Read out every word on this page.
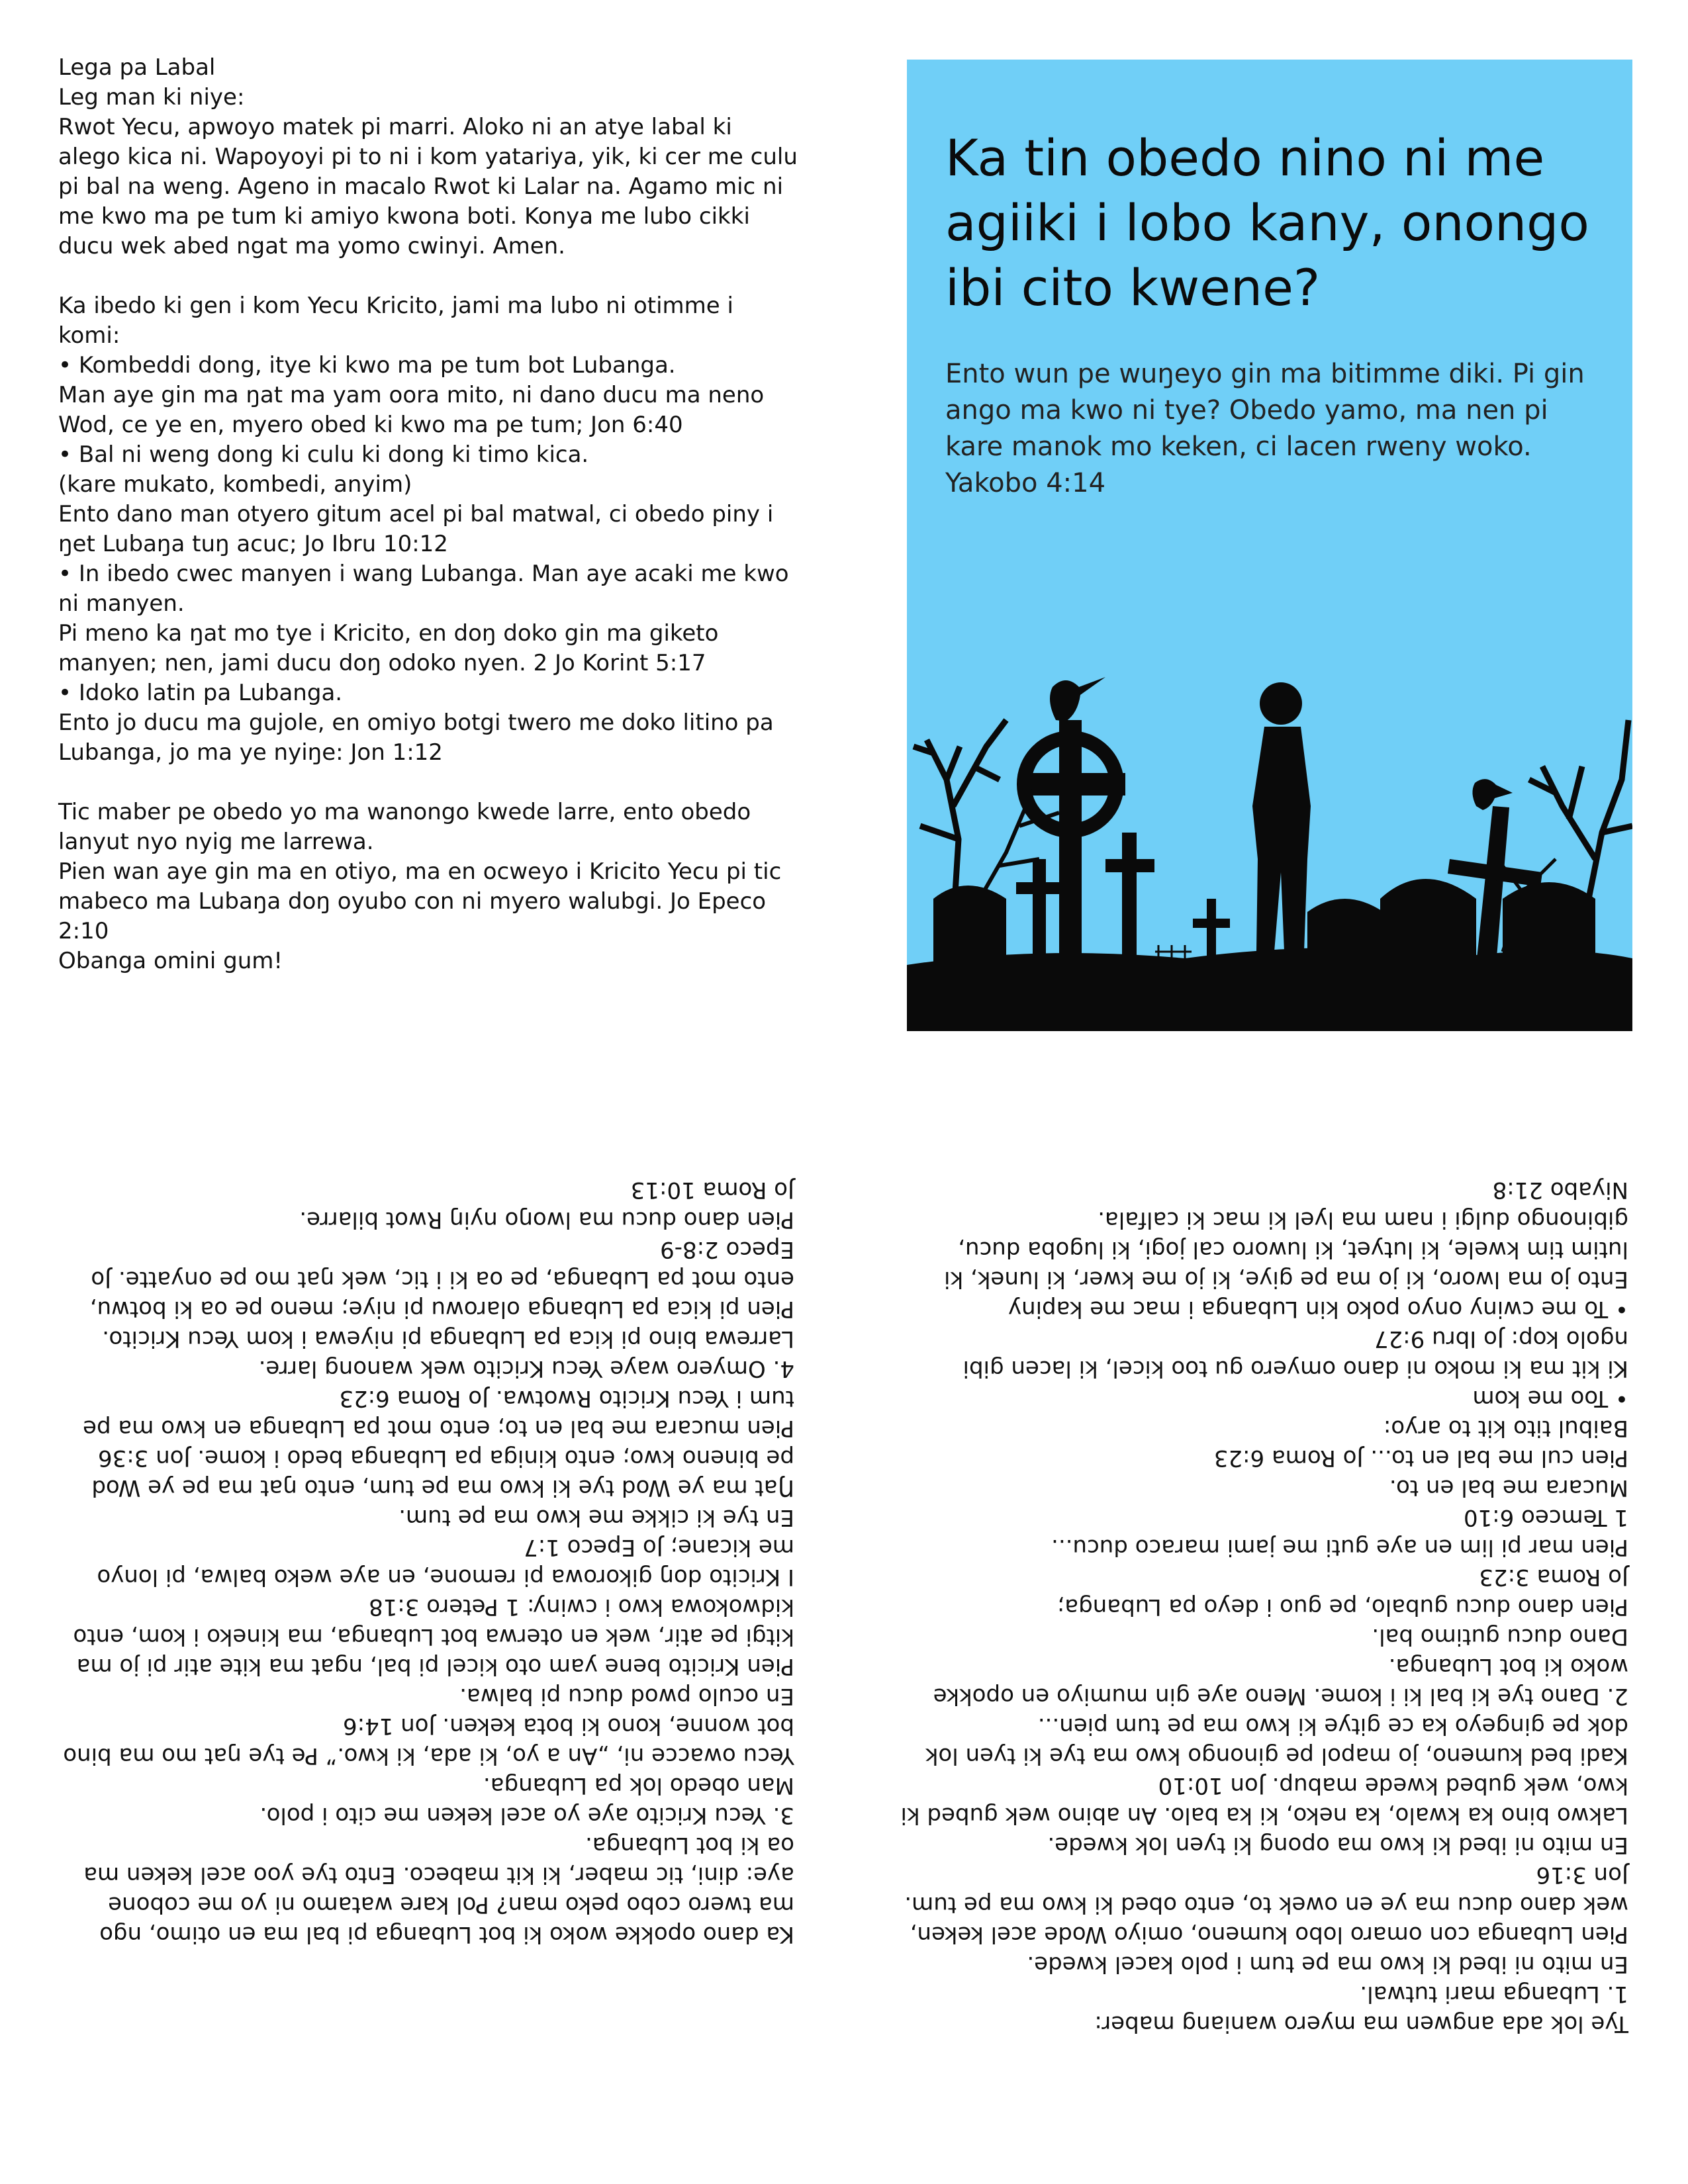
Lega pa Labal

Leg man ki niye:

Rwot Yecu, apwoyo matek pi marri. Aloko ni an atye labal ki alego kica ni. Wapoyoyi pi to ni i kom yatariya, yik, ki cer me culu pi bal na weng. Ageno in macalo Rwot ki Lalar na. Agamo mic ni me kwo ma pe tum ki amiyo kwona boti. Konya me lubo cikki ducu wek abed ngat ma yomo cwinyi. Amen.

Ka ibedo ki gen i kom Yecu Kricito, jami ma lubo ni otimme i komi:

• Kombeddi dong, itye ki kwo ma pe tum bot Lubanga.

Man aye gin ma ŋat ma yam oora mito, ni dano ducu ma neno Wod, ce ye en, myero obed ki kwo ma pe tum; Jon 6:40

• Bal ni weng dong ki culu ki dong ki timo kica.

(kare mukato, kombedi, anyim)

Ento dano man otyero gitum acel pi bal matwal, ci obedo piny i ŋet Lubaŋa tuŋ acuc; Jo Ibru 10:12

• In ibedo cwec manyen i wang Lubanga. Man aye acaki me kwo ni manyen.

Pi meno ka ŋat mo tye i Kricito, en doŋ doko gin ma giketo manyen; nen, jami ducu doŋ odoko nyen. 2 Jo Korint 5:17

• Idoko latin pa Lubanga.

Ento jo ducu ma gujole, en omiyo botgi twero me doko litino pa Lubanga, jo ma ye nyiŋe: Jon 1:12

Tic maber pe obedo yo ma wanongo kwede larre, ento obedo lanyut nyo nyig me larrewa.

Pien wan aye gin ma en otiyo, ma en ocweyo i Kricito Yecu pi tic mabeco ma Lubaŋa doŋ oyubo con ni myero walubgi. Jo Epeco 2:10

Obanga omini gum!

Ka tin obedo nino ni me agiiki i lobo kany, onongo ibi cito kwene?
Ento wun pe wuŋeyo gin ma bitimme diki. Pi gin ango ma kwo ni tye? Obedo yamo, ma nen pi kare manok mo keken, ci lacen rweny woko. Yakobo 4:14

Ka dano opokke woko ki bot Lubanga pi bal ma en otimo, ngo ma twero cobo peko man? Pol kare watamo ni yo me cobone aye: dini, tic maber, ki kit mabeco. Ento tye yoo acel keken ma oa ki bot Lubanga.

3. Yecu Kricito aye yo acel keken me cito i polo.

Man obedo lok pa Lubanga.

Yecu owacce ni, „An a yo, ki ada, ki kwo.” Pe tye ŋat mo ma bino bot wonne, kono ki bota keken. Jon 14:6

En oculo pwod ducu pi balwa.

Pien Kricito bene yam oto kicel pi bal, ngat ma kite atir pi jo ma kitgi pe atir, wek en oterwa bot Lubanga, ma kineko i kom, ento kidwokowa kwo i cwiny: 1 Petero 3:18

I Kricito doŋ gikorowa pi remone, en aye weko balwa, pi lonyo me kicane; Jo Epeco 1:7

En tye ki cikke me kwo ma pe tum.

Ŋat ma ye Wod tye ki kwo ma pe tum, ento ŋat ma pe ye Wod pe bineno kwo; ento kiniga pa Lubanga bedo i kome. Jon 3:36

Pien mucara me bal en to; ento mot pa Lubanga en kwo ma pe tum i Yecu Kricito Rwotwa. Jo Roma 6:23

4. Omyero waye Yecu Kricito wek wanong larre.

Larrewa bino pi kica pa Lubanga pi niyewa i kom Yecu Kricito.

Pien pi kica pa Lubanga olarowu pi niye; meno pe oa ki botwu, ento mot pa Lubanga, pe oa ki i tic, wek ŋat mo pe onyatte. Jo Epeco 2:8-9

Pien dano ducu ma lwoŋo nyiŋ Rwot bilarre.

Jo Roma 10:13

Tye lok ada angwen ma myero waniang maber:

1. Lubanga mari tutwal.

En mito ni ibed ki kwo ma pe tum i polo kacel kwede.

Pien Lubanga con omaro lobo kumeno, omiyo Wode acel keken, wek dano ducu ma ye en owek to, ento obed ki kwo ma pe tum. Jon 3:16

En mito ni ibed ki kwo ma opong ki tyen lok kwede.

Lakwo bino ka kwalo, ka neko, ki ka balo. An abino wek gubed ki kwo, wek gubed kwede mabup. Jon 10:10

Kadi bed kumeno, jo mapol pe ginongo kwo ma tye ki tyen lok dok pe gingeyo ka ce gitye ki kwo ma pe tum pien...

2. Dano tye ki bal ki i kome. Meno aye gin mumiyo en opokke woko ki bot Lubanga.

Dano ducu gutimo bal.

Pien dano ducu gubalo, pe guo i deyo pa Lubanga;

Jo Roma 3:23

Pien mar pi lim en aye guti me jami maraco ducu...

1 Temceo 6:10

Mucara me bal en to.

Pien cul me bal en to... Jo Roma 6:23

Baibul tito kit to aryo:

• Too me kom

Ki kit ma ki moko ni dano omyero gu too kicel, ki lacen gibi ngolo kop: Jo Ibru 9:27

• To me cwiny onyo poko kin Lubanga i mac me kapiny

Ento jo ma lworo, ki jo ma pe giye, ki jo me kwer, ki lunek, ki lutim tim kwele, ki lutyet, ki luworo cal jogi, ki lugoba ducu, gibinongo dulgi i nam ma lyel ki mac ki calfala.

Niyabo 21:8
